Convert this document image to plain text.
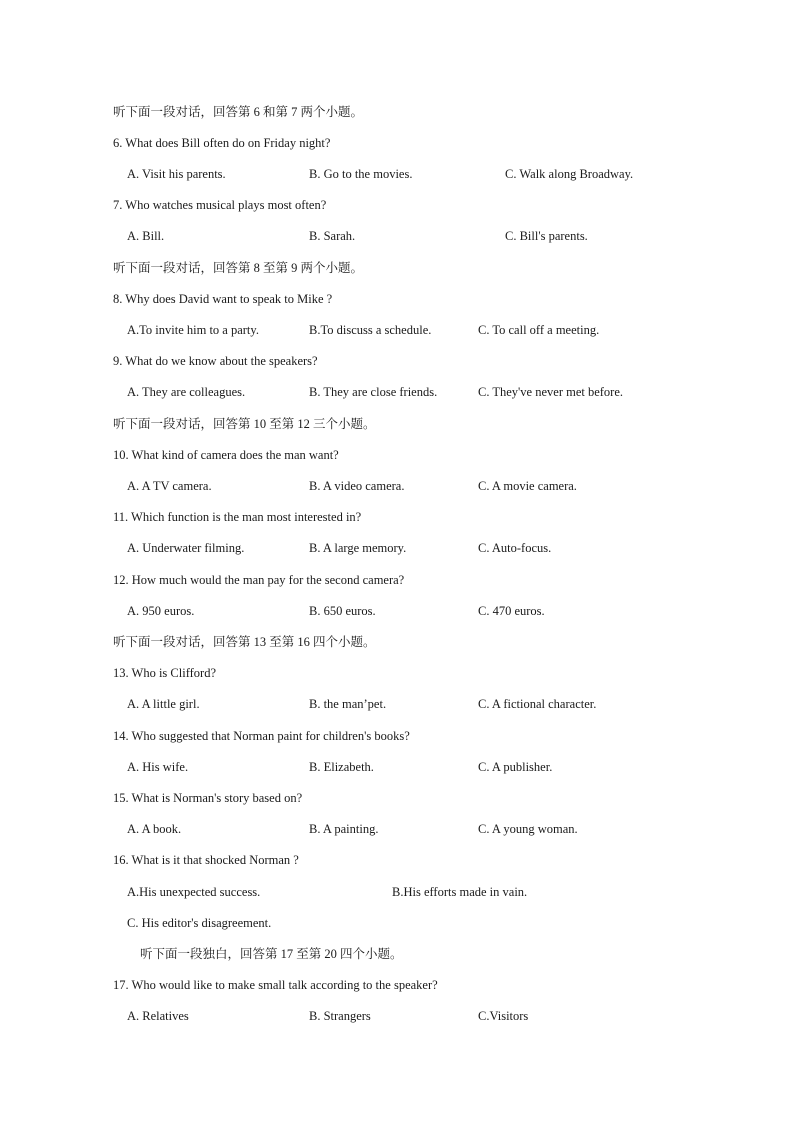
听下面一段对话，回答第 6 和第 7 两个小题。
6. What does Bill often do on Friday night?
A. Visit his parents.	B. Go to the movies.	C. Walk along Broadway.
7. Who watches musical plays most often?
A. Bill.	B. Sarah.	C. Bill's parents.
听下面一段对话，回答第 8 至第 9 两个小题。
8. Why does David want to speak to Mike ?
A.To invite him to a party.	B.To discuss a schedule.	C. To call off a meeting.
9. What do we know about the speakers?
A. They are colleagues.	B. They are close friends.	C. They've never met before.
听下面一段对话，回答第 10 至第 12 三个小题。
10. What kind of camera does the man want?
A. A TV camera.	B. A video camera.	C. A movie camera.
11. Which function is the man most interested in?
A. Underwater filming.	B. A large memory.	C. Auto-focus.
12. How much would the man pay for the second camera?
A. 950 euros.	B. 650 euros.	C. 470 euros.
听下面一段对话，回答第 13 至第 16 四个小题。
13. Who is Clifford?
A. A little girl.	B. the man’pet.	C. A fictional character.
14. Who suggested that Norman paint for children's books?
A. His wife.	B. Elizabeth.	C. A publisher.
15. What is Norman's story based on?
A. A book.	B. A painting.	C. A young woman.
16. What is it that shocked Norman ?
A.His unexpected success.	B.His efforts made in vain.
C. His editor's disagreement.
听下面一段独白，回答第 17 至第 20 四个小题。
17. Who would like to make small talk according to the speaker?
A. Relatives	B. Strangers	C.Visitors
